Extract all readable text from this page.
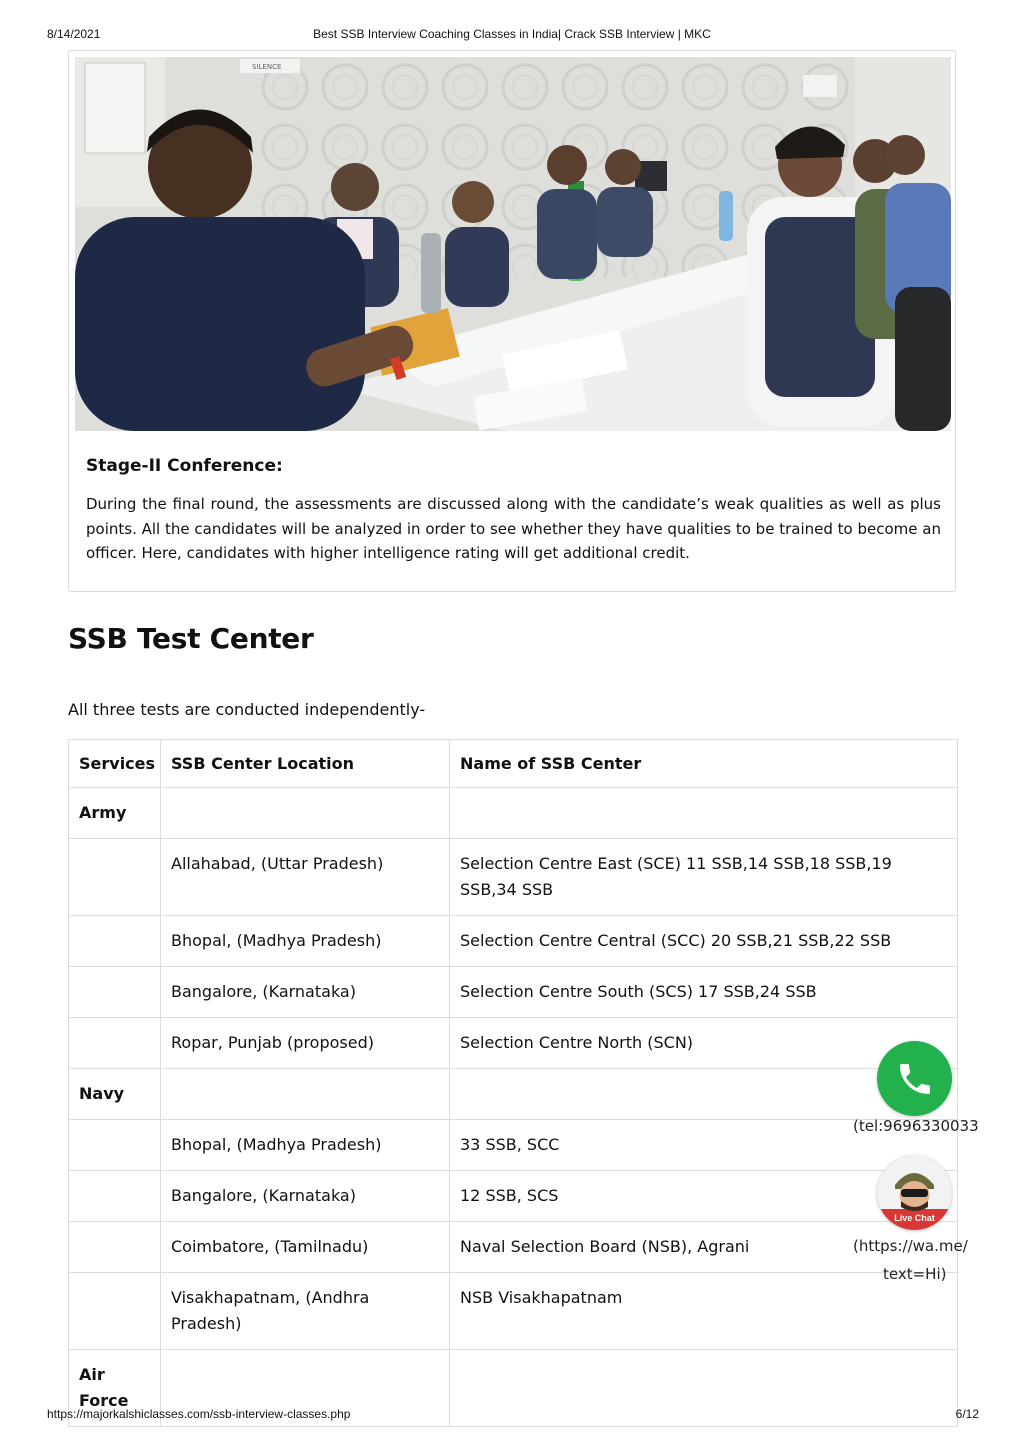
8/14/2021	Best SSB Interview Coaching Classes in India| Crack SSB Interview | MKC
SILENCE
Stage-II Conference:

During the final round, the assessments are discussed along with the candidate’s weak qualities as well as plus points. All the candidates will be analyzed in order to see whether they have qualities to be trained to become an officer. Here, candidates with higher intelligence rating will get additional credit.

SSB Test Center

All three tests are conducted independently-

Services	SSB Center Location	Name of SSB Center
Army		
	Allahabad, (Uttar Pradesh)	Selection Centre East (SCE) 11 SSB,14 SSB,18 SSB,19 SSB,34 SSB
	Bhopal, (Madhya Pradesh)	Selection Centre Central (SCC) 20 SSB,21 SSB,22 SSB
	Bangalore, (Karnataka)	Selection Centre South (SCS) 17 SSB,24 SSB
	Ropar, Punjab (proposed)	Selection Centre North (SCN)
Navy		
	Bhopal, (Madhya Pradesh)	33 SSB, SCC
	Bangalore, (Karnataka)	12 SSB, SCS
	Coimbatore, (Tamilnadu)	Naval Selection Board (NSB), Agrani
	Visakhapatnam, (Andhra Pradesh)	NSB Visakhapatnam
Air Force		
(tel:9696330033
Live Chat
(https://wa.me/
text=Hi)
https://majorkalshiclasses.com/ssb-interview-classes.php	6/12
